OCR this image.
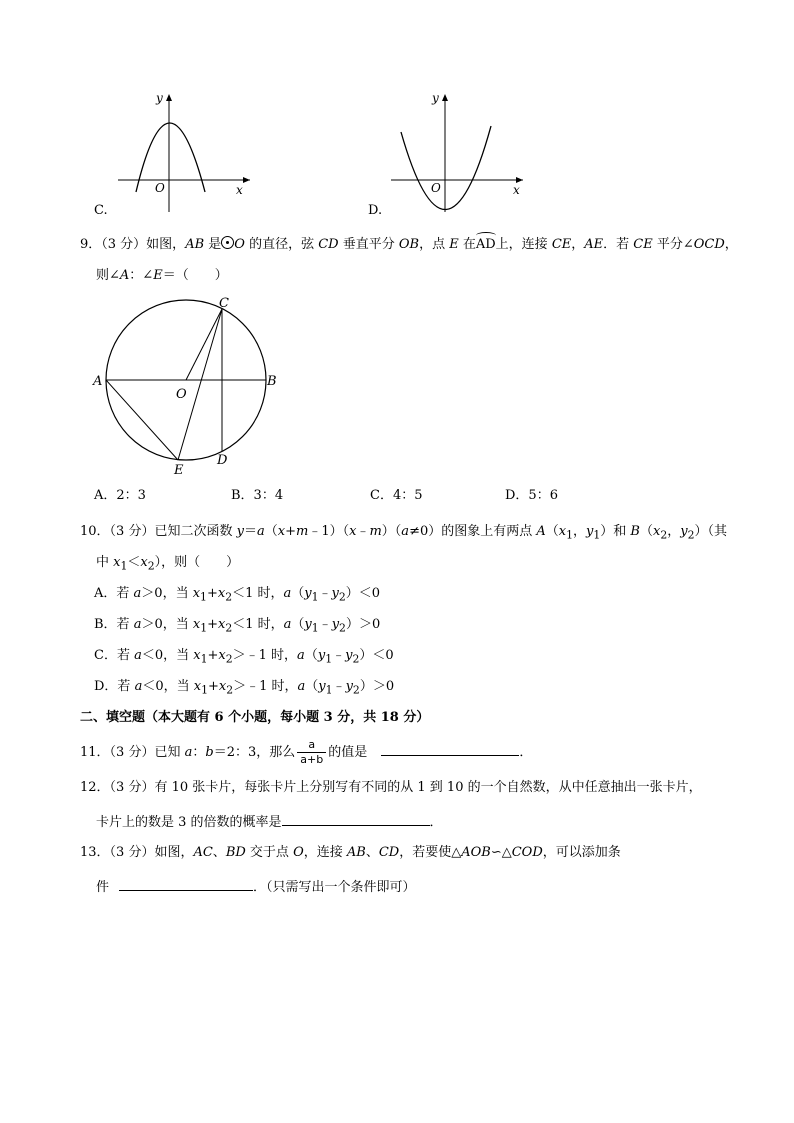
y
x
O
C.
y
x
O
D.
9．（3 分）如图，AB 是 O 的直径，弦 CD 垂直平分 OB，点 E 在AD上，连接 CE，AE．若 CE 平分∠OCD，
则∠A：∠E＝（　　）
A	B
C
D
E
O
A．2：3	B．3：4	C．4：5	D．5：6
10．（3 分）已知二次函数 y＝a（x+m﹣1）（x﹣m）（a≠0）的图象上有两点 $A(x_1$，$y_1$）和 $B(x_2$，$y_2$）（其
中 $x_1<x_2$），则（　　）
A．若 a＞0，当 $x_1+x_2<1$ 时，$a(y_1﹣y_2)<0$
B．若 a＞0，当 $x_1+x_2<1$ 时，$a(y_1﹣y_2)>0$
C．若 a＜0，当 $x_1+x_2>﹣1$ 时，$a(y_1﹣y_2)<0$
D．若 a＜0，当 $x_1+x_2>﹣1$ 时，$a(y_1﹣y_2)>0$
二、填空题（本大题有 6 个小题，每小题 3 分，共 18 分）
11．（3 分）已知 a：b＝2：3，那么 $\frac{a}{a+b}$ 的值是	．
12．（3 分）有 10 张卡片，每张卡片上分别写有不同的从 1 到 10 的一个自然数，从中任意抽出一张卡片，
卡片上的数是 3 的倍数的概率是	．
13．（3 分）如图，AC、BD 交于点 O，连接 AB、CD，若要使△AOB∽△COD，可以添加条
件	．（只需写出一个条件即可）
